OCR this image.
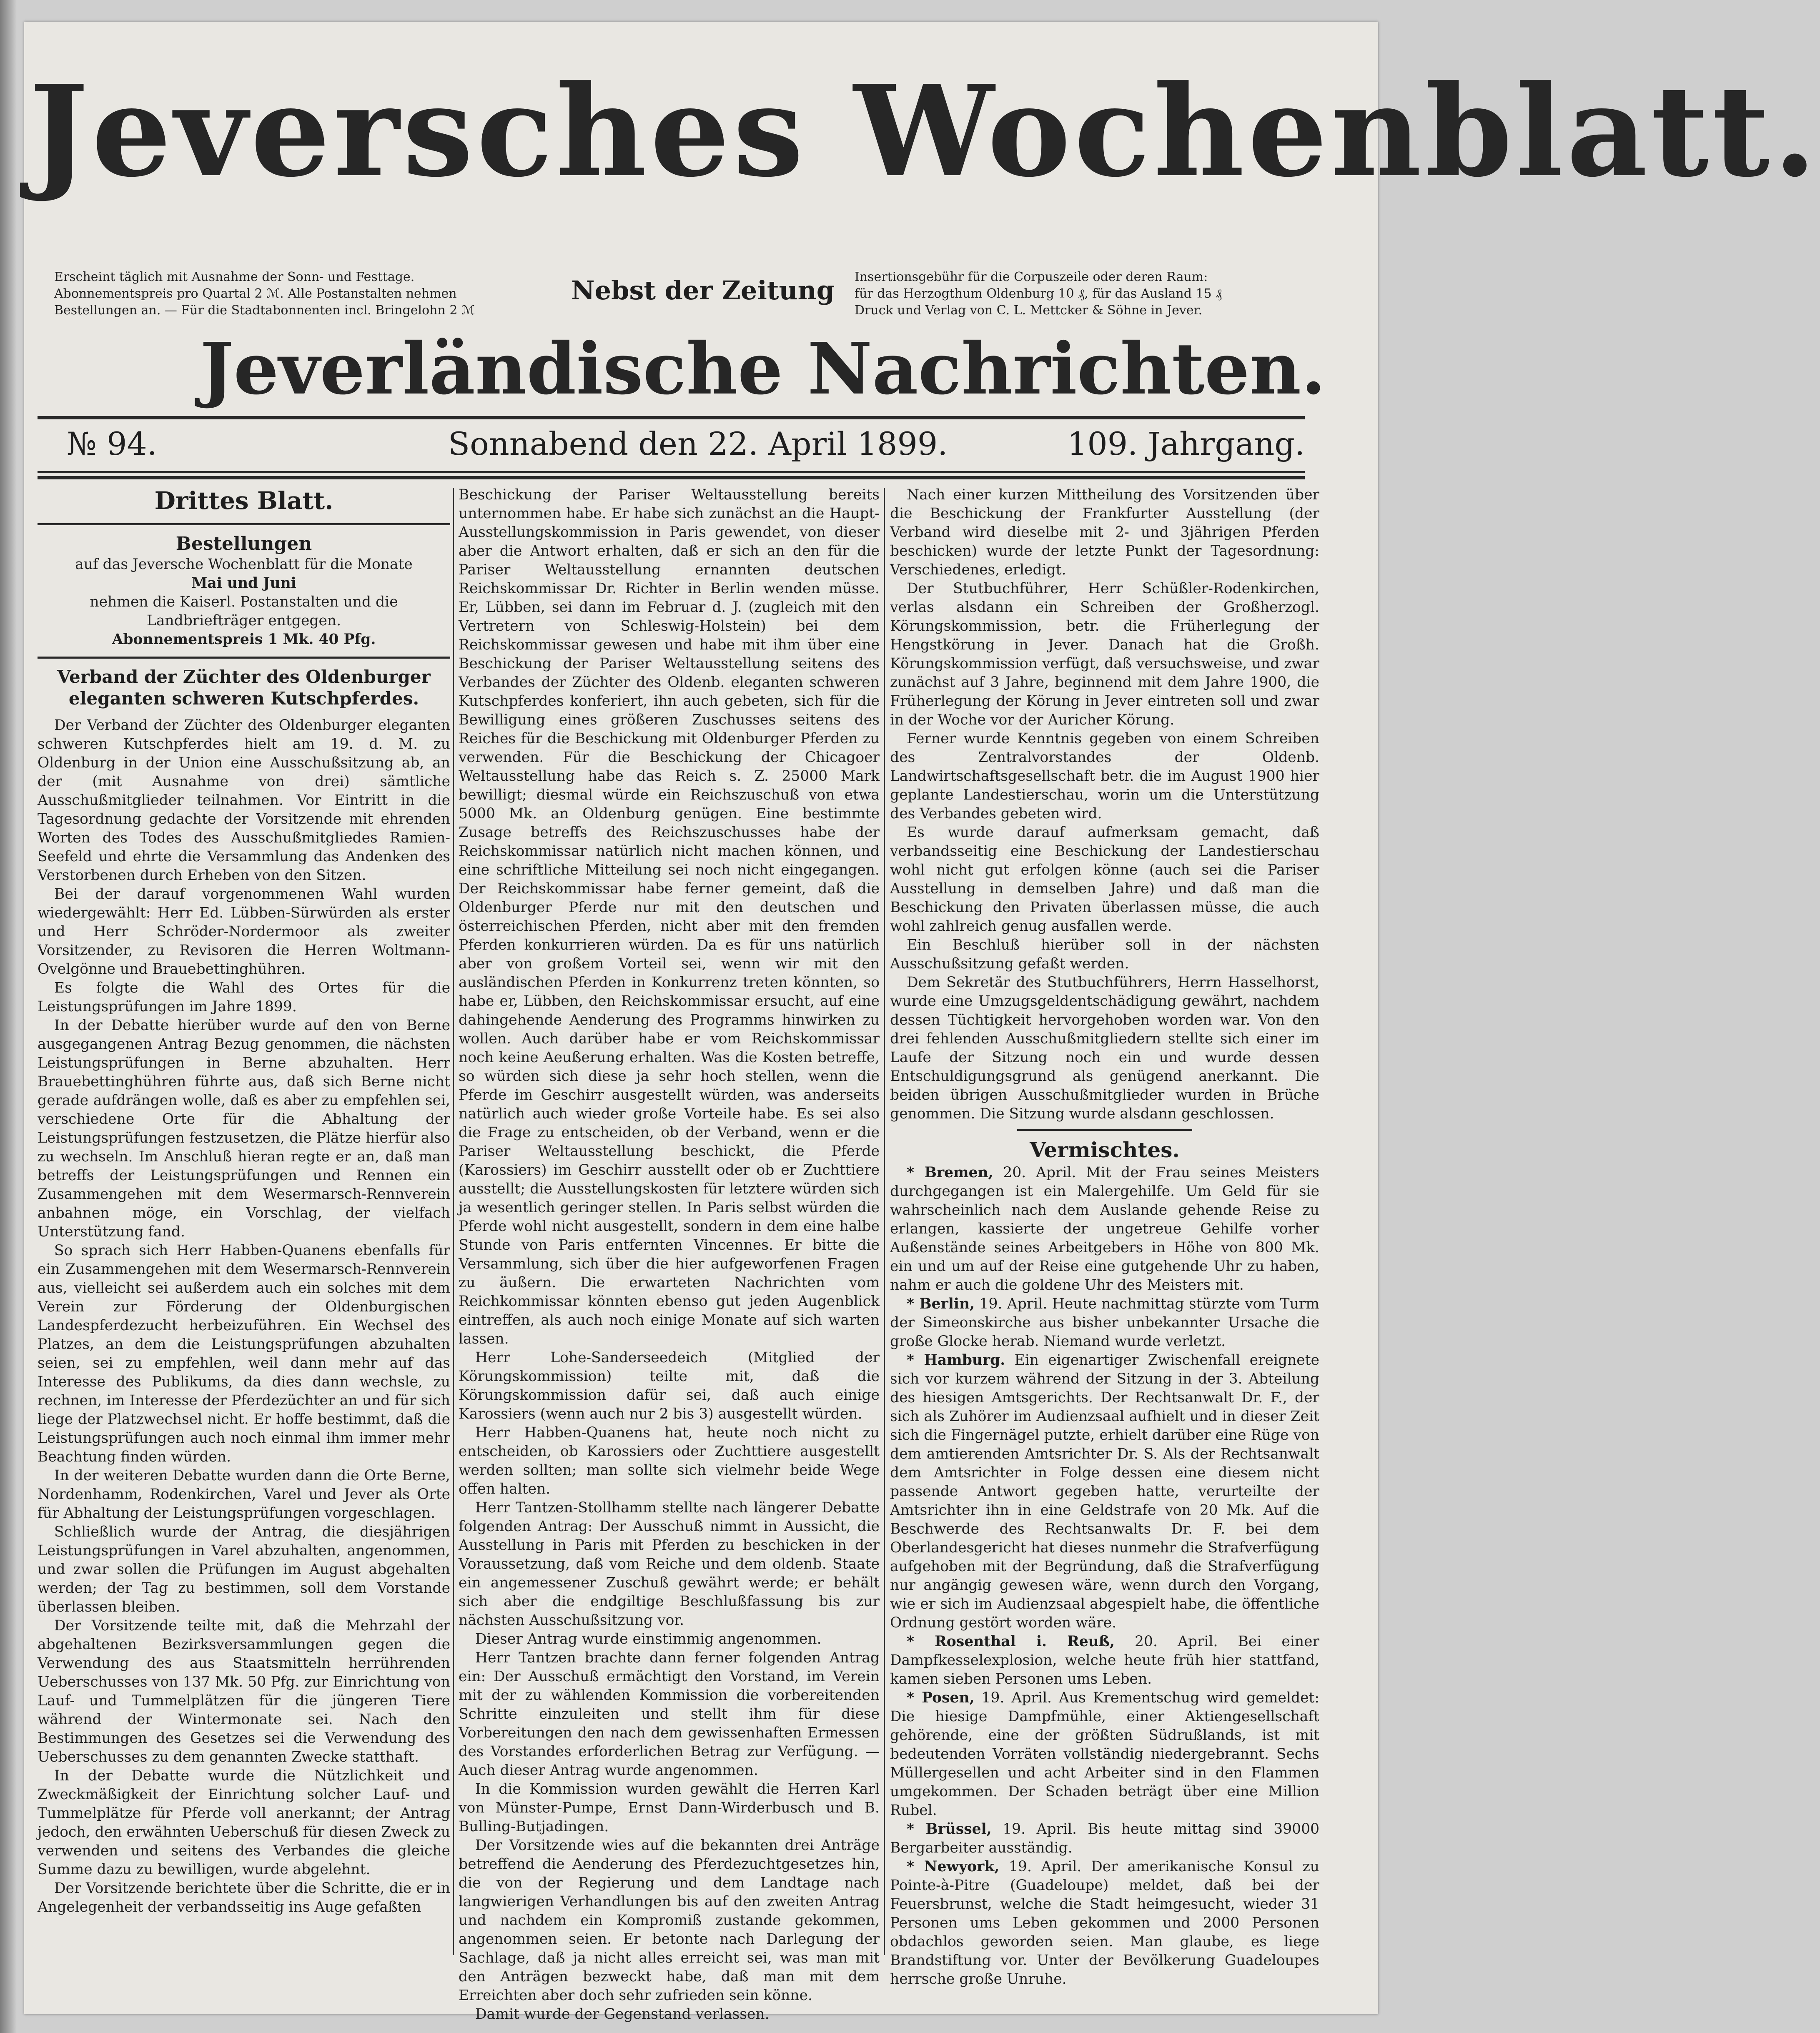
Jeversches Wochenblatt.
Erscheint täglich mit Ausnahme der Sonn- und Festtage.
Abonnementspreis pro Quartal 2 ℳ. Alle Postanstalten nehmen
Bestellungen an. — Für die Stadtabonnenten incl. Bringelohn 2 ℳ
Nebst der Zeitung Insertionsgebühr für die Corpuszeile oder deren Raum:
für das Herzogthum Oldenburg 10 ₰, für das Ausland 15 ₰
Druck und Verlag von C. L. Mettcker & Söhne in Jever.
Jeverländische Nachrichten.
№ 94.	Sonnabend den 22. April 1899.	109. Jahrgang.
Drittes Blatt.
Bestellungen
auf das Jeversche Wochenblatt für die Monate
Mai und Juni
nehmen die Kaiserl. Postanstalten und die Landbriefträger entgegen.
Abonnementspreis 1 Mk. 40 Pfg.
Verband der Züchter des Oldenburger eleganten schweren Kutschpferdes.

Der Verband der Züchter des Oldenburger eleganten schweren Kutschpferdes hielt am 19. d. M. zu Oldenburg in der Union eine Ausschußsitzung ab, an der (mit Ausnahme von drei) sämtliche Ausschußmitglieder teilnahmen. Vor Eintritt in die Tagesordnung gedachte der Vorsitzende mit ehrenden Worten des Todes des Ausschußmitgliedes Ramien-Seefeld und ehrte die Versammlung das Andenken des Verstorbenen durch Erheben von den Sitzen.

Bei der darauf vorgenommenen Wahl wurden wiedergewählt: Herr Ed. Lübben-Sürwürden als erster und Herr Schröder-Nordermoor als zweiter Vorsitzender, zu Revisoren die Herren Woltmann-Ovelgönne und Brauebettinghühren.

Es folgte die Wahl des Ortes für die Leistungsprüfungen im Jahre 1899.

In der Debatte hierüber wurde auf den von Berne ausgegangenen Antrag Bezug genommen, die nächsten Leistungsprüfungen in Berne abzuhalten. Herr Brauebettinghühren führte aus, daß sich Berne nicht gerade aufdrängen wolle, daß es aber zu empfehlen sei, verschiedene Orte für die Abhaltung der Leistungsprüfungen festzusetzen, die Plätze hierfür also zu wechseln. Im Anschluß hieran regte er an, daß man betreffs der Leistungsprüfungen und Rennen ein Zusammengehen mit dem Wesermarsch-Rennverein anbahnen möge, ein Vorschlag, der vielfach Unterstützung fand.

So sprach sich Herr Habben-Quanens ebenfalls für ein Zusammengehen mit dem Wesermarsch-Rennverein aus, vielleicht sei außerdem auch ein solches mit dem Verein zur Förderung der Oldenburgischen Landespferdezucht herbeizuführen. Ein Wechsel des Platzes, an dem die Leistungsprüfungen abzuhalten seien, sei zu empfehlen, weil dann mehr auf das Interesse des Publikums, da dies dann wechsle, zu rechnen, im Interesse der Pferdezüchter an und für sich liege der Platzwechsel nicht. Er hoffe bestimmt, daß die Leistungsprüfungen auch noch einmal ihm immer mehr Beachtung finden würden.

In der weiteren Debatte wurden dann die Orte Berne, Nordenhamm, Rodenkirchen, Varel und Jever als Orte für Abhaltung der Leistungsprüfungen vorgeschlagen.

Schließlich wurde der Antrag, die diesjährigen Leistungsprüfungen in Varel abzuhalten, angenommen, und zwar sollen die Prüfungen im August abgehalten werden; der Tag zu bestimmen, soll dem Vorstande überlassen bleiben.

Der Vorsitzende teilte mit, daß die Mehrzahl der abgehaltenen Bezirksversammlungen gegen die Verwendung des aus Staatsmitteln herrührenden Ueberschusses von 137 Mk. 50 Pfg. zur Einrichtung von Lauf- und Tummelplätzen für die jüngeren Tiere während der Wintermonate sei. Nach den Bestimmungen des Gesetzes sei die Verwendung des Ueberschusses zu dem genannten Zwecke statthaft.

In der Debatte wurde die Nützlichkeit und Zweckmäßigkeit der Einrichtung solcher Lauf- und Tummelplätze für Pferde voll anerkannt; der Antrag jedoch, den erwähnten Ueberschuß für diesen Zweck zu verwenden und seitens des Verbandes die gleiche Summe dazu zu bewilligen, wurde abgelehnt.

Der Vorsitzende berichtete über die Schritte, die er in Angelegenheit der verbandsseitig ins Auge gefaßten

Beschickung der Pariser Weltausstellung bereits unternommen habe. Er habe sich zunächst an die Haupt-Ausstellungskommission in Paris gewendet, von dieser aber die Antwort erhalten, daß er sich an den für die Pariser Weltausstellung ernannten deutschen Reichskommissar Dr. Richter in Berlin wenden müsse. Er, Lübben, sei dann im Februar d. J. (zugleich mit den Vertretern von Schleswig-Holstein) bei dem Reichskommissar gewesen und habe mit ihm über eine Beschickung der Pariser Weltausstellung seitens des Verbandes der Züchter des Oldenb. eleganten schweren Kutschpferdes konferiert, ihn auch gebeten, sich für die Bewilligung eines größeren Zuschusses seitens des Reiches für die Beschickung mit Oldenburger Pferden zu verwenden. Für die Beschickung der Chicagoer Weltausstellung habe das Reich s. Z. 25000 Mark bewilligt; diesmal würde ein Reichszuschuß von etwa 5000 Mk. an Oldenburg genügen. Eine bestimmte Zusage betreffs des Reichszuschusses habe der Reichskommissar natürlich nicht machen können, und eine schriftliche Mitteilung sei noch nicht eingegangen. Der Reichskommissar habe ferner gemeint, daß die Oldenburger Pferde nur mit den deutschen und österreichischen Pferden, nicht aber mit den fremden Pferden konkurrieren würden. Da es für uns natürlich aber von großem Vorteil sei, wenn wir mit den ausländischen Pferden in Konkurrenz treten könnten, so habe er, Lübben, den Reichskommissar ersucht, auf eine dahingehende Aenderung des Programms hinwirken zu wollen. Auch darüber habe er vom Reichskommissar noch keine Aeußerung erhalten. Was die Kosten betreffe, so würden sich diese ja sehr hoch stellen, wenn die Pferde im Geschirr ausgestellt würden, was anderseits natürlich auch wieder große Vorteile habe. Es sei also die Frage zu entscheiden, ob der Verband, wenn er die Pariser Weltausstellung beschickt, die Pferde (Karossiers) im Geschirr ausstellt oder ob er Zuchttiere ausstellt; die Ausstellungskosten für letztere würden sich ja wesentlich geringer stellen. In Paris selbst würden die Pferde wohl nicht ausgestellt, sondern in dem eine halbe Stunde von Paris entfernten Vincennes. Er bitte die Versammlung, sich über die hier aufgeworfenen Fragen zu äußern. Die erwarteten Nachrichten vom Reichkommissar könnten ebenso gut jeden Augenblick eintreffen, als auch noch einige Monate auf sich warten lassen.

Herr Lohe-Sanderseedeich (Mitglied der Körungskommission) teilte mit, daß die Körungskommission dafür sei, daß auch einige Karossiers (wenn auch nur 2 bis 3) ausgestellt würden.

Herr Habben-Quanens hat, heute noch nicht zu entscheiden, ob Karossiers oder Zuchttiere ausgestellt werden sollten; man sollte sich vielmehr beide Wege offen halten.

Herr Tantzen-Stollhamm stellte nach längerer Debatte folgenden Antrag: Der Ausschuß nimmt in Aussicht, die Ausstellung in Paris mit Pferden zu beschicken in der Voraussetzung, daß vom Reiche und dem oldenb. Staate ein angemessener Zuschuß gewährt werde; er behält sich aber die endgiltige Beschlußfassung bis zur nächsten Ausschußsitzung vor.

Dieser Antrag wurde einstimmig angenommen.

Herr Tantzen brachte dann ferner folgenden Antrag ein: Der Ausschuß ermächtigt den Vorstand, im Verein mit der zu wählenden Kommission die vorbereitenden Schritte einzuleiten und stellt ihm für diese Vorbereitungen den nach dem gewissenhaften Ermessen des Vorstandes erforderlichen Betrag zur Verfügung. — Auch dieser Antrag wurde angenommen.

In die Kommission wurden gewählt die Herren Karl von Münster-Pumpe, Ernst Dann-Wirderbusch und B. Bulling-Butjadingen.

Der Vorsitzende wies auf die bekannten drei Anträge betreffend die Aenderung des Pferdezuchtgesetzes hin, die von der Regierung und dem Landtage nach langwierigen Verhandlungen bis auf den zweiten Antrag und nachdem ein Kompromiß zustande gekommen, angenommen seien. Er betonte nach Darlegung der Sachlage, daß ja nicht alles erreicht sei, was man mit den Anträgen bezweckt habe, daß man mit dem Erreichten aber doch sehr zufrieden sein könne.

Damit wurde der Gegenstand verlassen.

Nach einer kurzen Mittheilung des Vorsitzenden über die Beschickung der Frankfurter Ausstellung (der Verband wird dieselbe mit 2- und 3jährigen Pferden beschicken) wurde der letzte Punkt der Tagesordnung: Verschiedenes, erledigt.

Der Stutbuchführer, Herr Schüßler-Rodenkirchen, verlas alsdann ein Schreiben der Großherzogl. Körungskommission, betr. die Früherlegung der Hengstkörung in Jever. Danach hat die Großh. Körungskommission verfügt, daß versuchsweise, und zwar zunächst auf 3 Jahre, beginnend mit dem Jahre 1900, die Früherlegung der Körung in Jever eintreten soll und zwar in der Woche vor der Auricher Körung.

Ferner wurde Kenntnis gegeben von einem Schreiben des Zentralvorstandes der Oldenb. Landwirtschaftsgesellschaft betr. die im August 1900 hier geplante Landestierschau, worin um die Unterstützung des Verbandes gebeten wird.

Es wurde darauf aufmerksam gemacht, daß verbandsseitig eine Beschickung der Landestierschau wohl nicht gut erfolgen könne (auch sei die Pariser Ausstellung in demselben Jahre) und daß man die Beschickung den Privaten überlassen müsse, die auch wohl zahlreich genug ausfallen werde.

Ein Beschluß hierüber soll in der nächsten Ausschußsitzung gefaßt werden.

Dem Sekretär des Stutbuchführers, Herrn Hasselhorst, wurde eine Umzugsgeldentschädigung gewährt, nachdem dessen Tüchtigkeit hervorgehoben worden war. Von den drei fehlenden Ausschußmitgliedern stellte sich einer im Laufe der Sitzung noch ein und wurde dessen Entschuldigungsgrund als genügend anerkannt. Die beiden übrigen Ausschußmitglieder wurden in Brüche genommen. Die Sitzung wurde alsdann geschlossen.

Vermischtes.

* Bremen, 20. April. Mit der Frau seines Meisters durchgegangen ist ein Malergehilfe. Um Geld für sie wahrscheinlich nach dem Auslande gehende Reise zu erlangen, kassierte der ungetreue Gehilfe vorher Außenstände seines Arbeitgebers in Höhe von 800 Mk. ein und um auf der Reise eine gutgehende Uhr zu haben, nahm er auch die goldene Uhr des Meisters mit.

* Berlin, 19. April. Heute nachmittag stürzte vom Turm der Simeonskirche aus bisher unbekannter Ursache die große Glocke herab. Niemand wurde verletzt.

* Hamburg. Ein eigenartiger Zwischenfall ereignete sich vor kurzem während der Sitzung in der 3. Abteilung des hiesigen Amtsgerichts. Der Rechtsanwalt Dr. F., der sich als Zuhörer im Audienzsaal aufhielt und in dieser Zeit sich die Fingernägel putzte, erhielt darüber eine Rüge von dem amtierenden Amtsrichter Dr. S. Als der Rechtsanwalt dem Amtsrichter in Folge dessen eine diesem nicht passende Antwort gegeben hatte, verurteilte der Amtsrichter ihn in eine Geldstrafe von 20 Mk. Auf die Beschwerde des Rechtsanwalts Dr. F. bei dem Oberlandesgericht hat dieses nunmehr die Strafverfügung aufgehoben mit der Begründung, daß die Strafverfügung nur angängig gewesen wäre, wenn durch den Vorgang, wie er sich im Audienzsaal abgespielt habe, die öffentliche Ordnung gestört worden wäre.

* Rosenthal i. Reuß, 20. April. Bei einer Dampfkesselexplosion, welche heute früh hier stattfand, kamen sieben Personen ums Leben.

* Posen, 19. April. Aus Krementschug wird gemeldet: Die hiesige Dampfmühle, einer Aktiengesellschaft gehörende, eine der größten Südrußlands, ist mit bedeutenden Vorräten vollständig niedergebrannt. Sechs Müllergesellen und acht Arbeiter sind in den Flammen umgekommen. Der Schaden beträgt über eine Million Rubel.

* Brüssel, 19. April. Bis heute mittag sind 39000 Bergarbeiter ausständig.

* Newyork, 19. April. Der amerikanische Konsul zu Pointe-à-Pitre (Guadeloupe) meldet, daß bei der Feuersbrunst, welche die Stadt heimgesucht, wieder 31 Personen ums Leben gekommen und 2000 Personen obdachlos geworden seien. Man glaube, es liege Brandstiftung vor. Unter der Bevölkerung Guadeloupes herrsche große Unruhe.
